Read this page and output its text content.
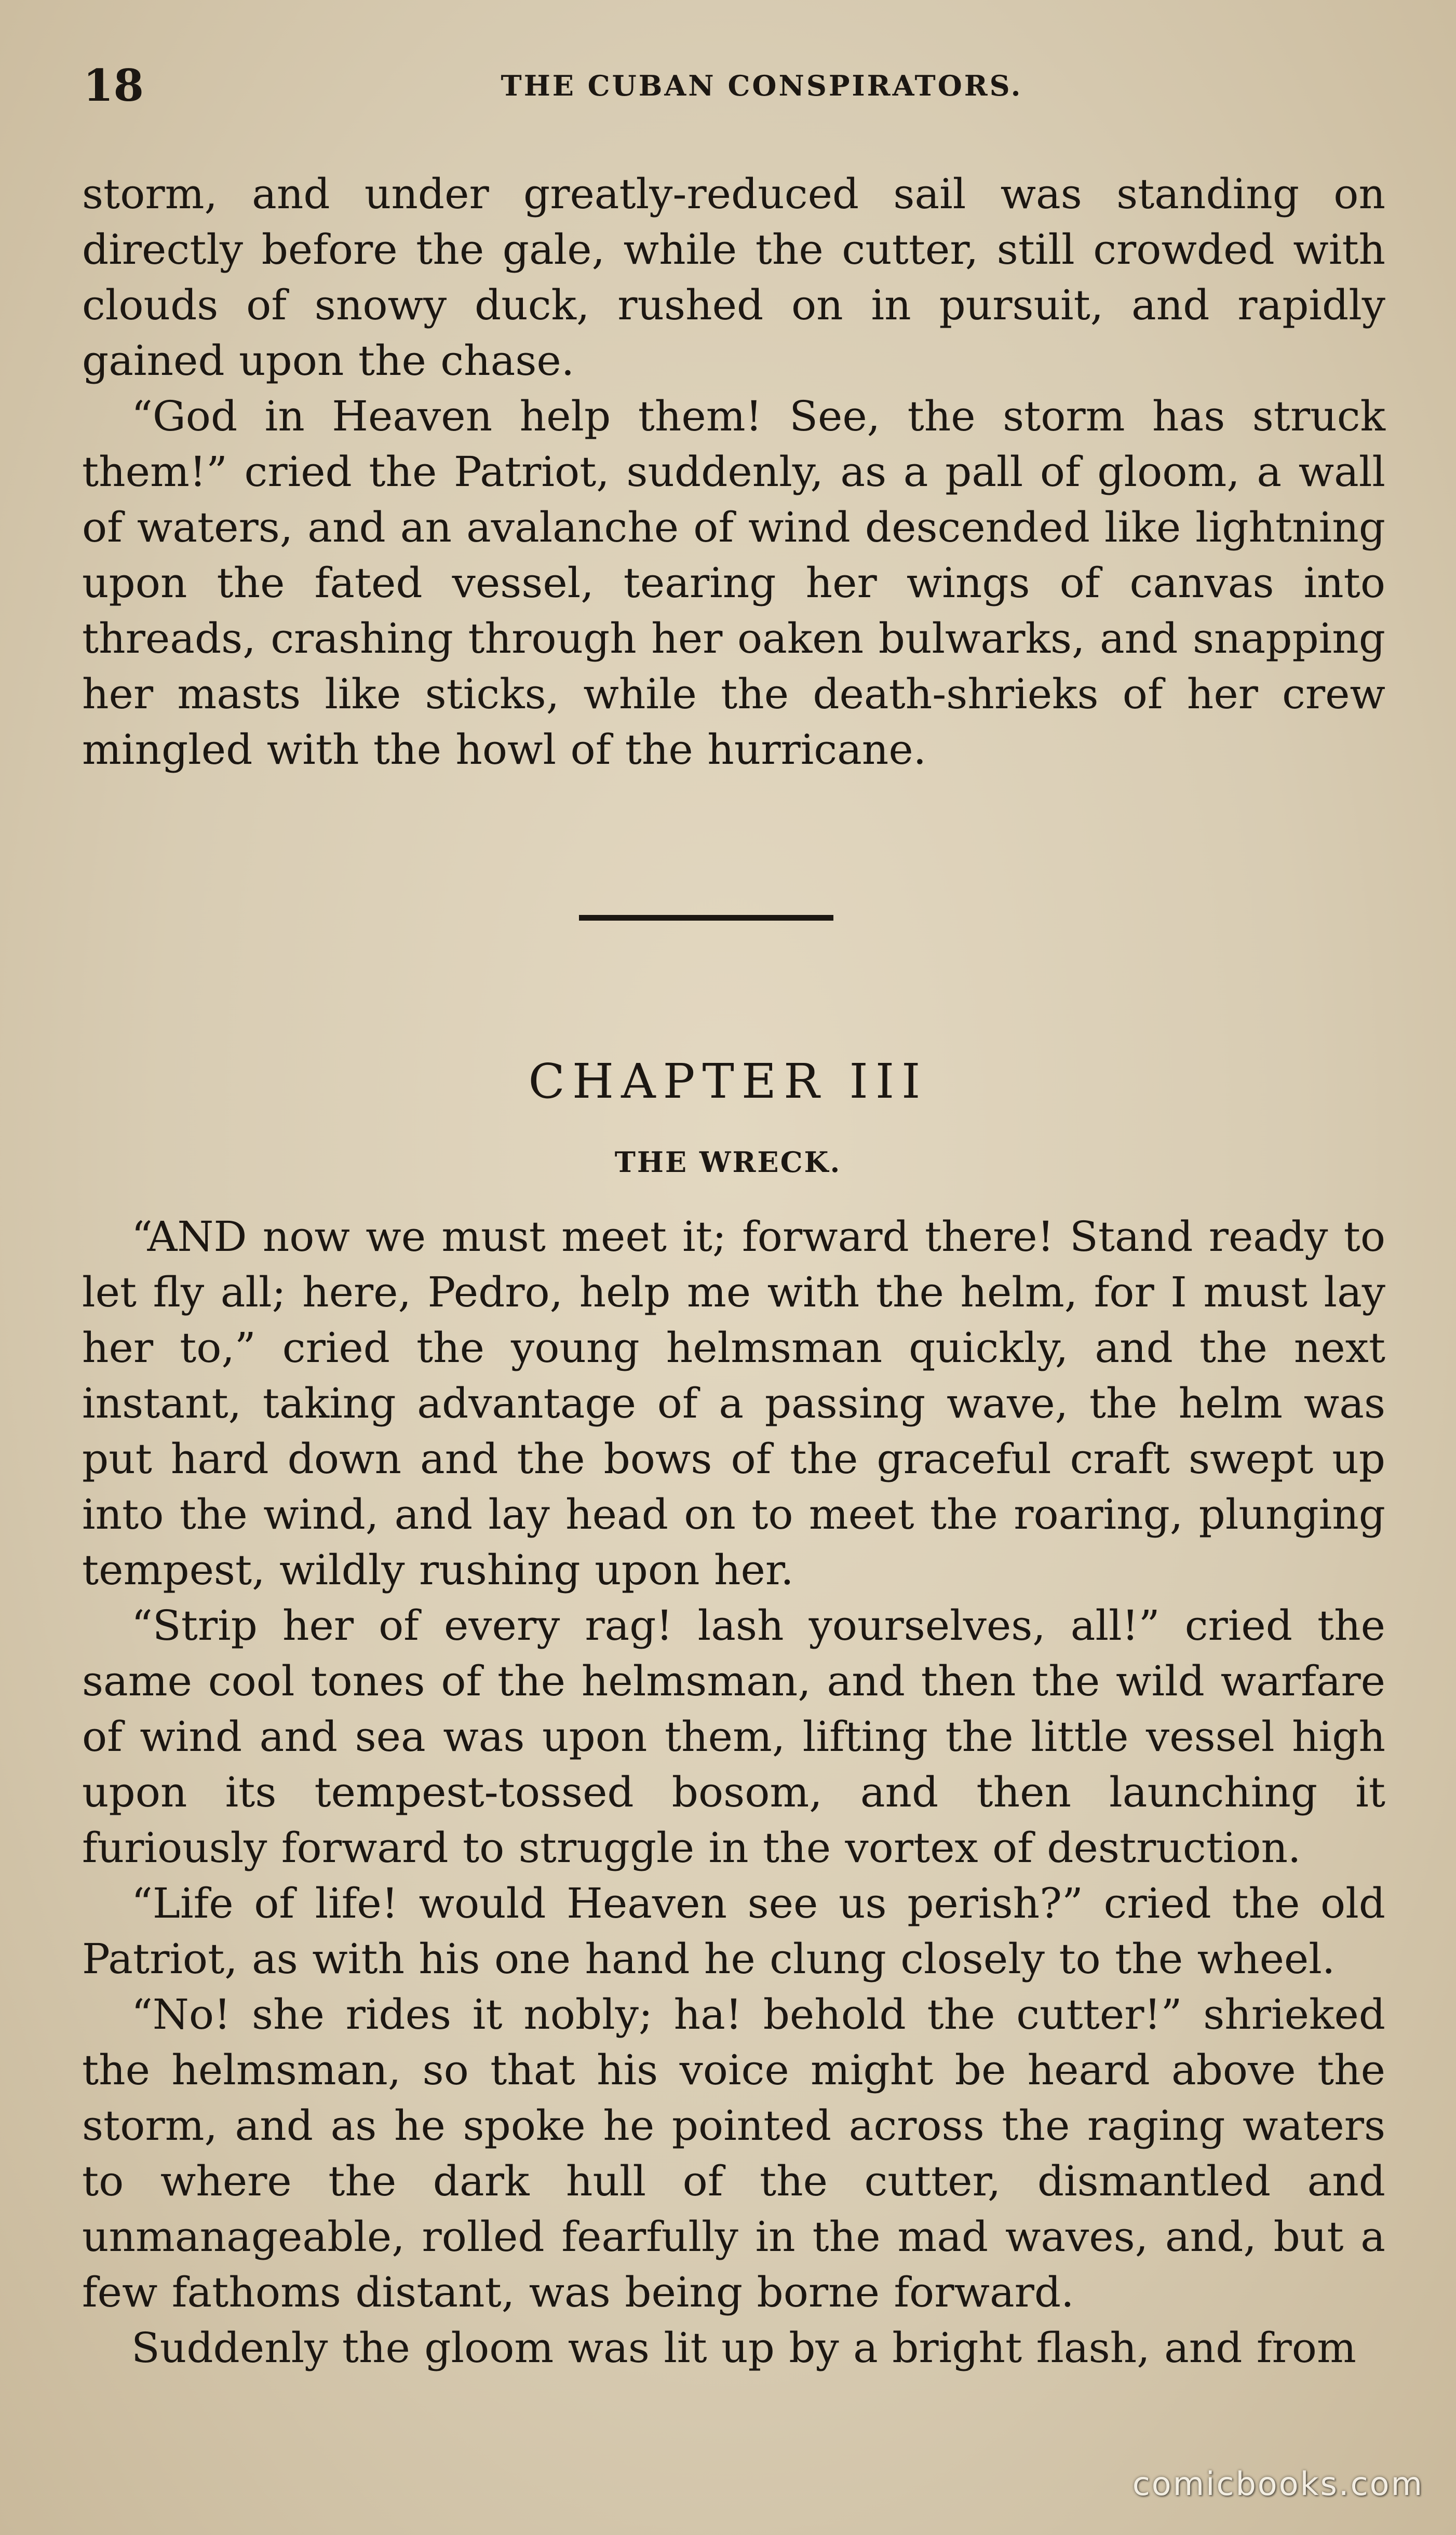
18	THE CUBAN CONSPIRATORS.

storm, and under greatly-reduced sail was standing on directly before the gale, while the cutter, still crowded with clouds of snowy duck, rushed on in pursuit, and rapidly gained upon the chase.

“God in Heaven help them! See, the storm has struck them!” cried the Patriot, suddenly, as a pall of gloom, a wall of waters, and an avalanche of wind descended like lightning upon the fated vessel, tearing her wings of canvas into threads, crashing through her oaken bulwarks, and snapping her masts like sticks, while the death-shrieks of her crew mingled with the howl of the hurricane.

CHAPTER III
THE WRECK.

“AND now we must meet it; forward there! Stand ready to let fly all; here, Pedro, help me with the helm, for I must lay her to,” cried the young helmsman quickly, and the next instant, taking advantage of a passing wave, the helm was put hard down and the bows of the graceful craft swept up into the wind, and lay head on to meet the roaring, plunging tempest, wildly rushing upon her.

“Strip her of every rag! lash yourselves, all!” cried the same cool tones of the helmsman, and then the wild warfare of wind and sea was upon them, lifting the little vessel high upon its tempest-tossed bosom, and then launching it furiously forward to struggle in the vortex of destruction.

“Life of life! would Heaven see us perish?” cried the old Patriot, as with his one hand he clung closely to the wheel.

“No! she rides it nobly; ha! behold the cutter!” shrieked the helmsman, so that his voice might be heard above the storm, and as he spoke he pointed across the raging waters to where the dark hull of the cutter, dismantled and unmanageable, rolled fearfully in the mad waves, and, but a few fathoms distant, was being borne forward.

Suddenly the gloom was lit up by a bright flash, and from

comicbooks.com
